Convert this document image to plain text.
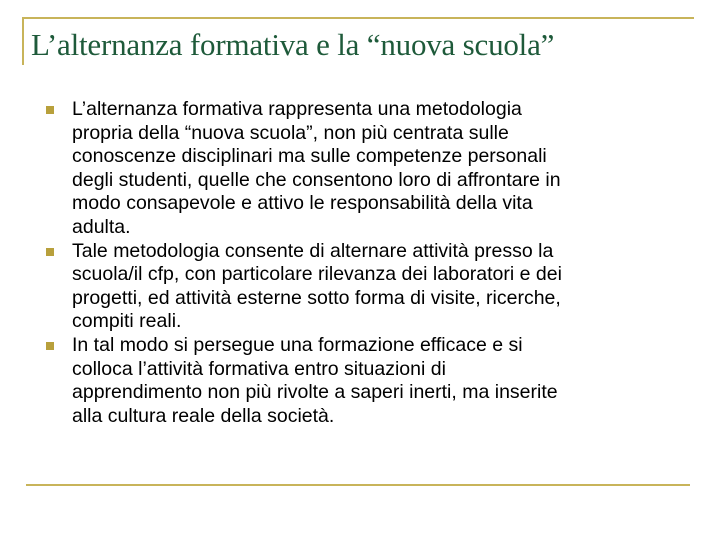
L’alternanza formativa e la “nuova scuola”
L’alternanza formativa rappresenta una metodologia
propria della “nuova scuola”, non più centrata sulle
conoscenze disciplinari ma sulle competenze personali
degli studenti, quelle che consentono loro di affrontare in
modo consapevole e attivo le responsabilità della vita
adulta.
Tale metodologia consente di alternare attività presso la
scuola/il cfp, con particolare rilevanza dei laboratori e dei
progetti, ed attività esterne sotto forma di visite, ricerche,
compiti reali.
In tal modo si persegue una formazione efficace e si
colloca l’attività formativa entro situazioni di
apprendimento non più rivolte a saperi inerti, ma inserite
alla cultura reale della società.
